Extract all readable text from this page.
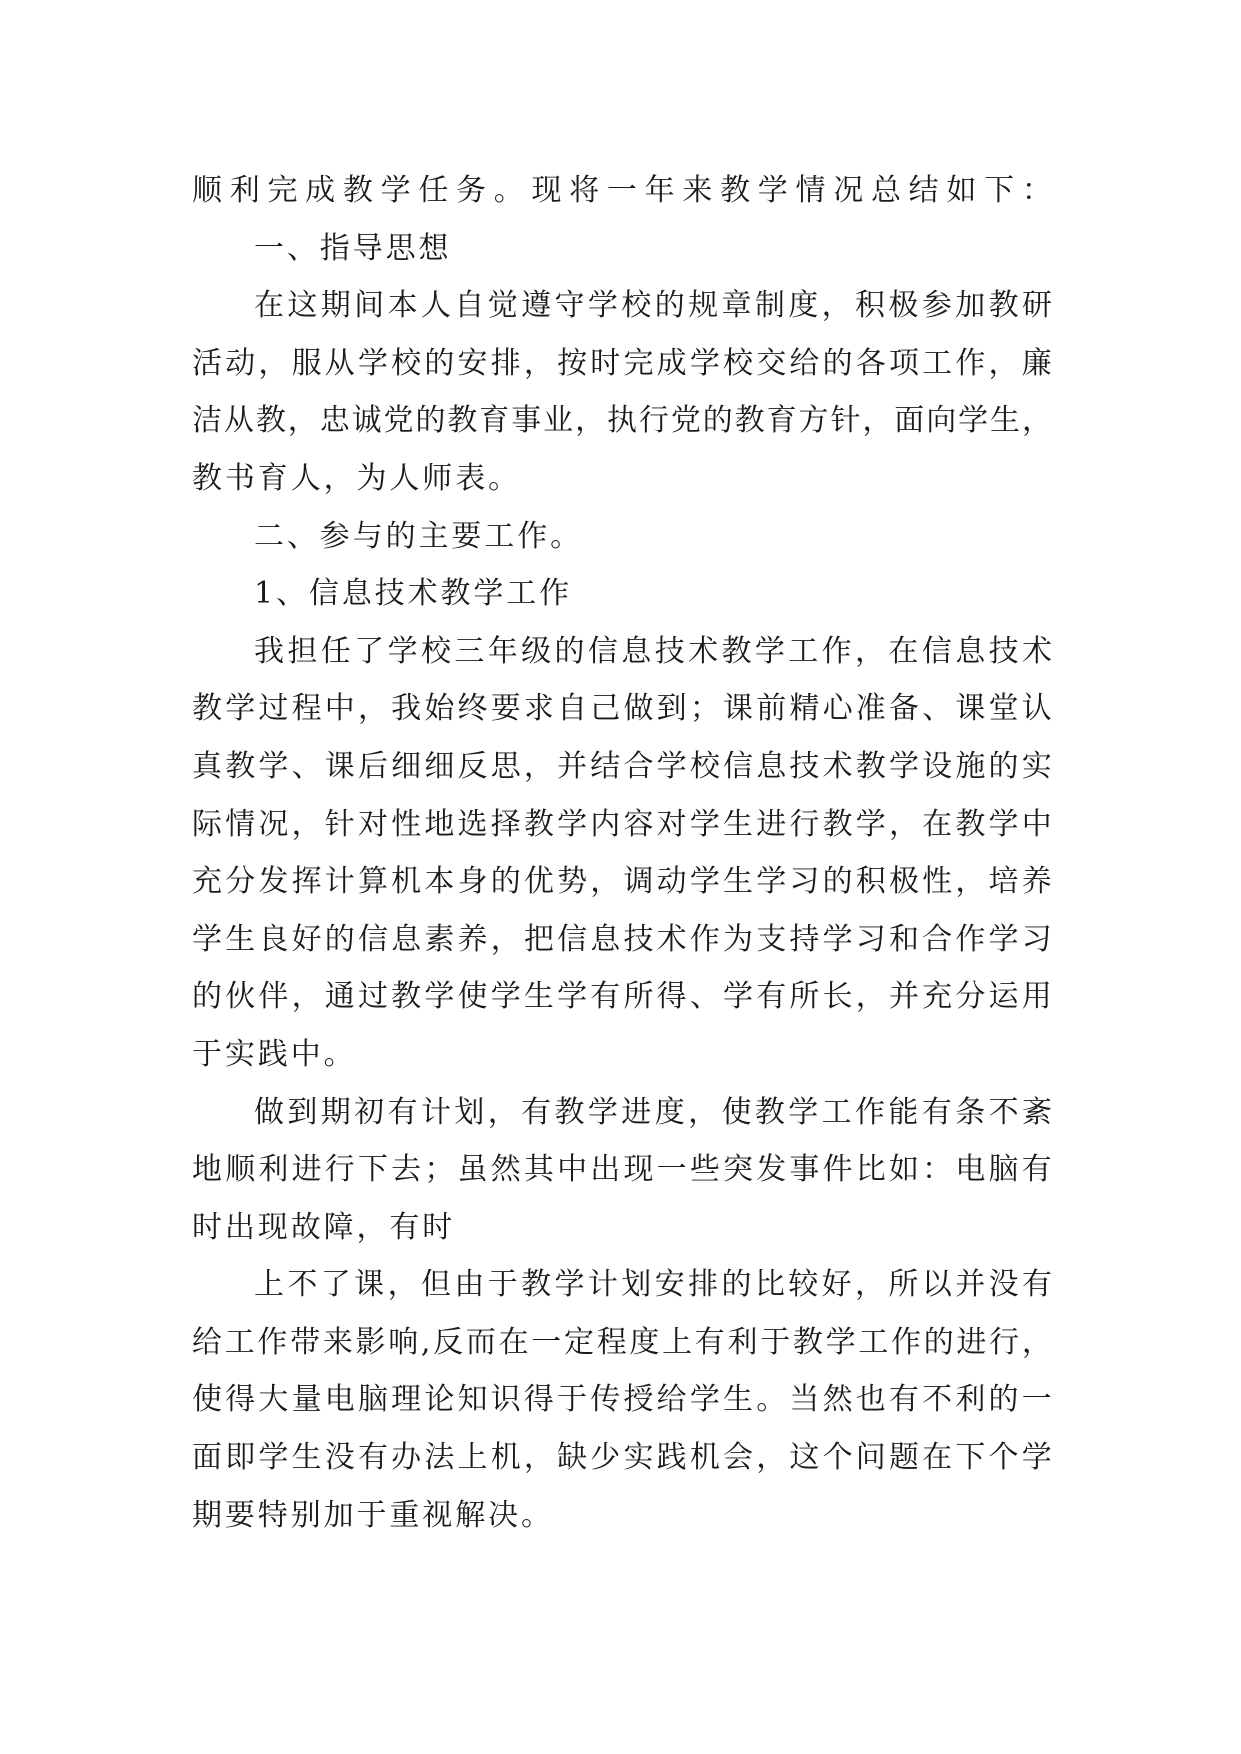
顺 利 完 成 教 学 任 务 。 现 将 一 年 来 教 学 情 况 总 结 如 下 ：
一、指导思想
在 这 期 间 本 人 自 觉 遵 守 学 校 的 规 章 制 度 ， 积 极 参 加 教 研
活 动 ， 服 从 学 校 的 安 排 ， 按 时 完 成 学 校 交 给 的 各 项 工 作 ， 廉
洁 从 教 ， 忠 诚 党 的 教 育 事 业 ， 执 行 党 的 教 育 方 针 ， 面 向 学 生 ，
教书育人，为人师表。
二、参与的主要工作。
1、信息技术教学工作
我 担 任 了 学 校 三 年 级 的 信 息 技 术 教 学 工 作 ， 在 信 息 技 术
教 学 过 程 中 ， 我 始 终 要 求 自 己 做 到 ； 课 前 精 心 准 备 、 课 堂 认
真 教 学 、 课 后 细 细 反 思 ， 并 结 合 学 校 信 息 技 术 教 学 设 施 的 实
际 情 况 ， 针 对 性 地 选 择 教 学 内 容 对 学 生 进 行 教 学 ， 在 教 学 中
充 分 发 挥 计 算 机 本 身 的 优 势 ， 调 动 学 生 学 习 的 积 极 性 ， 培 养
学 生 良 好 的 信 息 素 养 ， 把 信 息 技 术 作 为 支 持 学 习 和 合 作 学 习
的 伙 伴 ， 通 过 教 学 使 学 生 学 有 所 得 、 学 有 所 长 ， 并 充 分 运 用
于实践中。
做 到 期 初 有 计 划 ， 有 教 学 进 度 ， 使 教 学 工 作 能 有 条 不 紊
地 顺 利 进 行 下 去 ； 虽 然 其 中 出 现 一 些 突 发 事 件 比 如 ： 电 脑 有
时出现故障，有时
上 不 了 课 ， 但 由 于 教 学 计 划 安 排 的 比 较 好 ， 所 以 并 没 有
给 工 作 带 来 影 响 , 反 而 在 一 定 程 度 上 有 利 于 教 学 工 作 的 进 行 ，
使 得 大 量 电 脑 理 论 知 识 得 于 传 授 给 学 生 。 当 然 也 有 不 利 的 一
面 即 学 生 没 有 办 法 上 机 ， 缺 少 实 践 机 会 ， 这 个 问 题 在 下 个 学
期要特别加于重视解决。
